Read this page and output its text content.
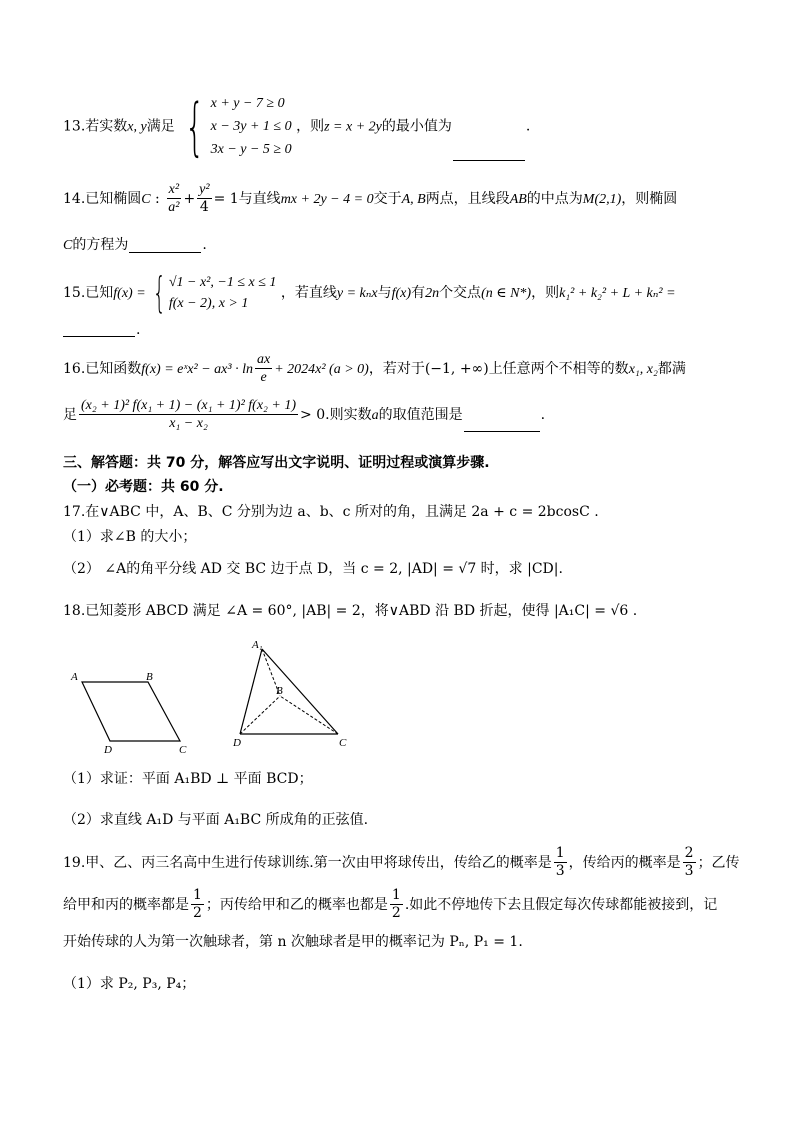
13.若实数x, y满足 { x + y − 7 ≥ 0
x − 3y + 1 ≤ 0
3x − y − 5 ≥ 0
，则z = x + 2y的最小值为	.
14.已知椭圆C : $\frac{\text{x²}}{\text{a²}} + \frac{\text{y²}}{4} = 1$与直线mx + 2y − 4 = 0交于A, B两点，且线段AB的中点为M(2,1)，则椭圆
C的方程为	.
15.已知f(x) = { √1 − x², −1 ≤ x ≤ 1
f(x − 2), x > 1
，若直线y = kₙx与f(x)有2n个交点(n ∈ N*)，则k₁² + k₂² + L + kₙ² =
.
16.已知函数f(x) = eˣx² − $ax^3 \cdot \ln \frac{ax}{e} + 2024x^2$ (a > 0)，若对于(−1, +∞)上任意两个不相等的数x₁, x₂都满
足 $\frac{\text{(x₂ + 1)² f(x₁ + 1) − (x₁ + 1)² f(x₂ + 1)}}{\text{x₁ − x₂}} > 0$.则实数a的取值范围是	.
三、解答题：共 70 分，解答应写出文字说明、证明过程或演算步骤.
（一）必考题：共 60 分.
17.在∨ABC 中，A、B、C 分别为边 a、b、c 所对的角，且满足 2a + c = 2bcosC .
（1）求∠B 的大小；
（2） ∠A的角平分线 AD 交 BC 边于点 D，当 c = 2, |AD| = √7 时，求 |CD|.
18.已知菱形 ABCD 满足 ∠A = 60°, |AB| = 2，将∨ABD 沿 BD 折起，使得 |A₁C| = √6 .
A	B
D	C
A₁
B
D	C
（1）求证：平面 A₁BD ⊥ 平面 BCD；
（2）求直线 A₁D 与平面 A₁BC 所成角的正弦值.
19.甲、乙、丙三名高中生进行传球训练.第一次由甲将球传出，传给乙的概率是 $\frac{1}{3}$ ，传给丙的概率是 $\frac{2}{3}$ ；乙传
给甲和丙的概率都是 $\frac{1}{2}$ ；丙传给甲和乙的概率也都是 $\frac{1}{2}$ .如此不停地传下去且假定每次传球都能被接到，记
开始传球的人为第一次触球者，第 n 次触球者是甲的概率记为 Pₙ, P₁ = 1.
（1）求 P₂, P₃, P₄；
